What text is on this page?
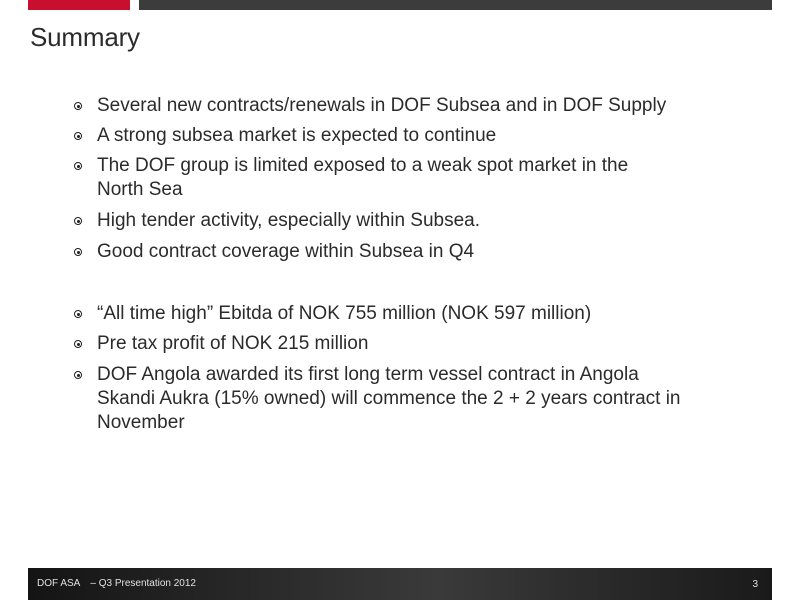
Summary
Several new contracts/renewals in DOF Subsea and in DOF Supply
A strong subsea market is expected to continue
The DOF group is limited exposed to a weak spot market in the North Sea
High tender activity, especially within Subsea.
Good contract coverage within Subsea in Q4
“All time high” Ebitda of NOK 755 million (NOK 597 million)
Pre tax profit of NOK 215 million
DOF Angola awarded its first long term vessel contract in Angola Skandi Aukra (15% owned) will commence the 2 + 2 years contract in November
DOF ASA – Q3 Presentation 2012	3
